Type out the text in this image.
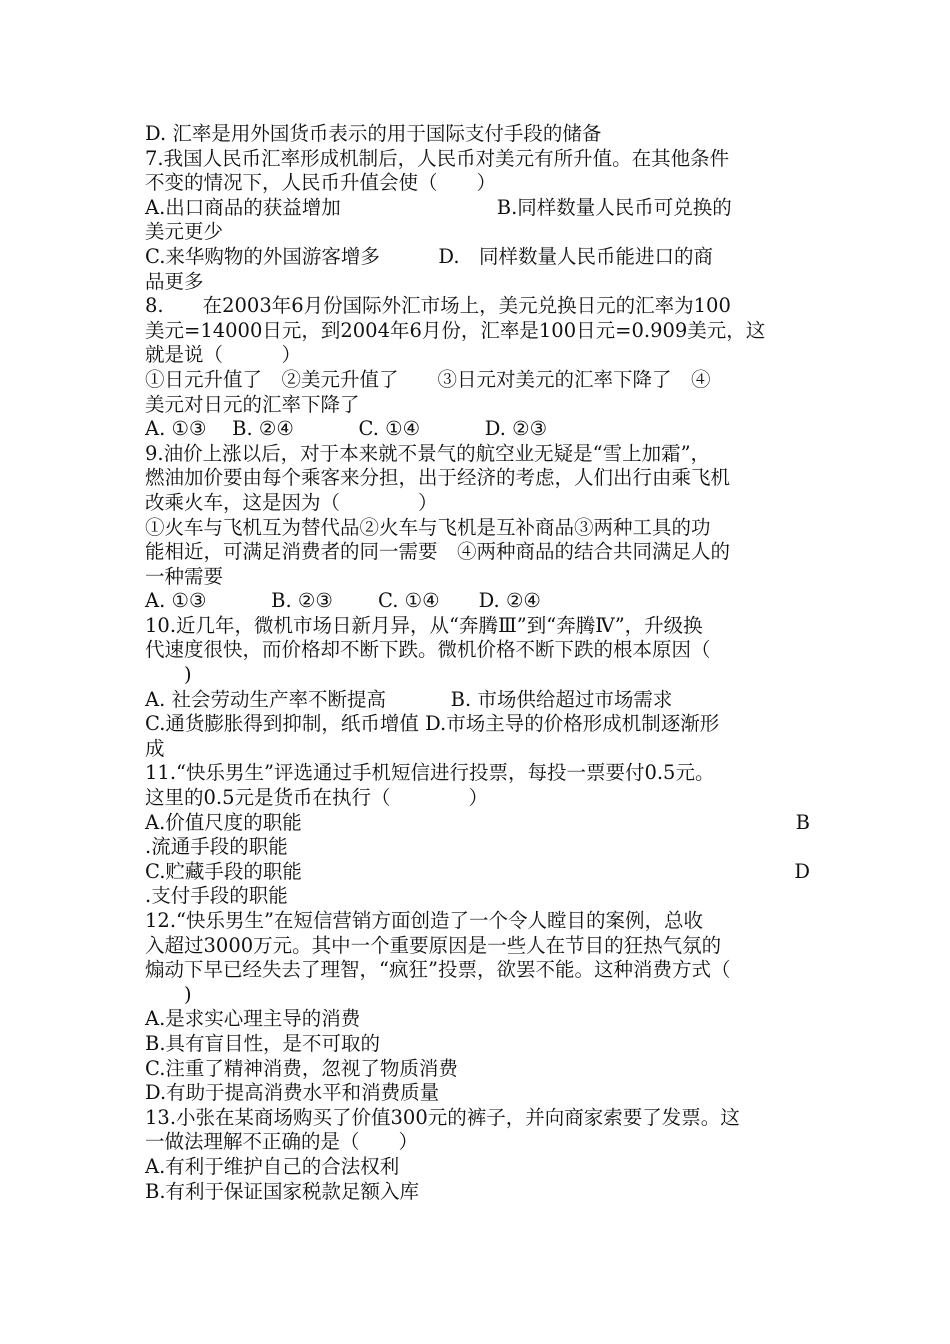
D. 汇率是用外国货币表示的用于国际支付手段的储备
7.我国人民币汇率形成机制后，人民币对美元有所升值。在其他条件
不变的情况下，人民币升值会使（　　）
A.出口商品的获益增加　　　　　　　　B.同样数量人民币可兑换的
美元更少
C.来华购物的外国游客增多　　　D.　同样数量人民币能进口的商
品更多
8.　　在2003年6月份国际外汇市场上，美元兑换日元的汇率为100
美元=14000日元，到2004年6月份，汇率是100日元=0.909美元，这
就是说（　　　）
①日元升值了　②美元升值了　　③日元对美元的汇率下降了　④
美元对日元的汇率下降了
A. ①③　 B. ②④　　　 C. ①④　　　 D. ②③
9.油价上涨以后，对于本来就不景气的航空业无疑是“雪上加霜”，
燃油加价要由每个乘客来分担，出于经济的考虑，人们出行由乘飞机
改乘火车，这是因为（　　　　）
①火车与飞机互为替代品②火车与飞机是互补商品③两种工具的功
能相近，可满足消费者的同一需要　④两种商品的结合共同满足人的
一种需要
A. ①③　　　 B. ②③　　 C. ①④　　D. ②④
10.近几年，微机市场日新月异，从“奔腾Ⅲ”到“奔腾Ⅳ”，升级换
代速度很快，而价格却不断下跌。微机价格不断下跌的根本原因（
　　)
A. 社会劳动生产率不断提高　　　 B. 市场供给超过市场需求
C.通货膨胀得到抑制，纸币增值 D.市场主导的价格形成机制逐渐形
成
11.“快乐男生”评选通过手机短信进行投票，每投一票要付0.5元。
这里的0.5元是货币在执行（　　　　）
A.价值尺度的职能	B
.流通手段的职能
C.贮藏手段的职能	D
.支付手段的职能
12.“快乐男生”在短信营销方面创造了一个令人瞠目的案例，总收
入超过3000万元。其中一个重要原因是一些人在节目的狂热气氛的
煽动下早已经失去了理智，“疯狂”投票，欲罢不能。这种消费方式（
　　)
A.是求实心理主导的消费
B.具有盲目性，是不可取的
C.注重了精神消费，忽视了物质消费
D.有助于提高消费水平和消费质量
13.小张在某商场购买了价值300元的裤子，并向商家索要了发票。这
一做法理解不正确的是（　　）
A.有利于维护自己的合法权利
B.有利于保证国家税款足额入库
